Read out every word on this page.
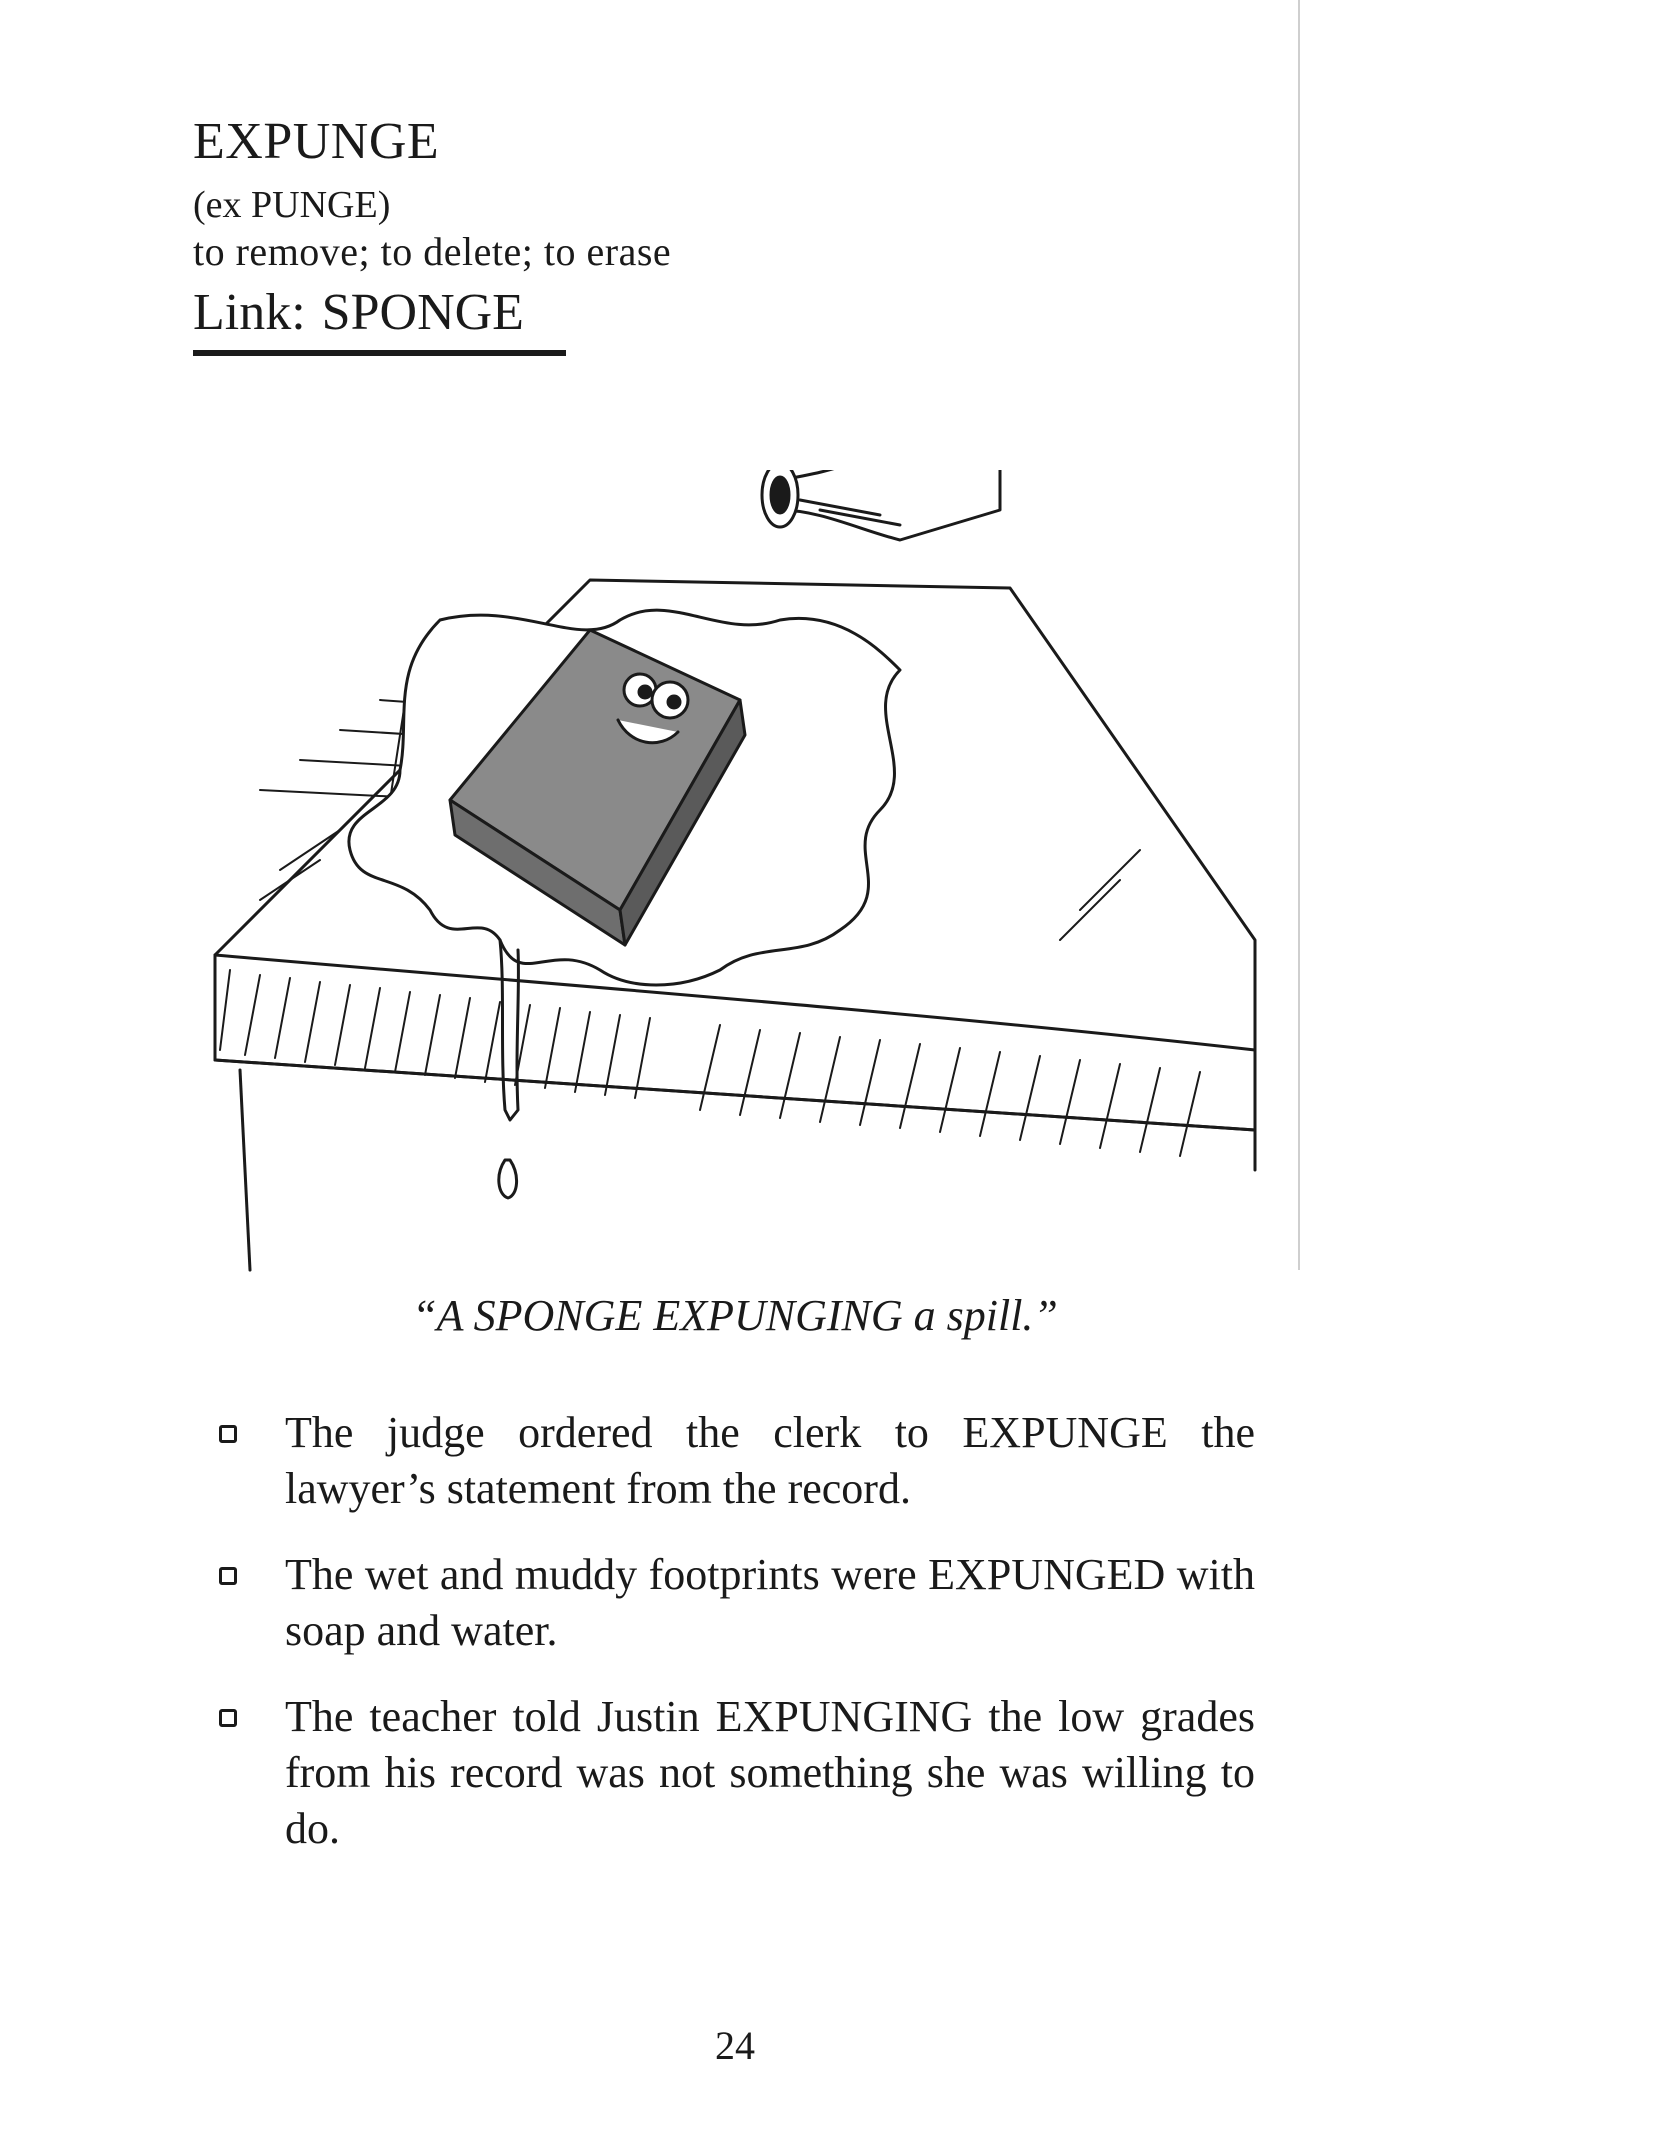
EXPUNGE
(ex PUNGE)
to remove; to delete; to erase
Link: SPONGE
“A SPONGE EXPUNGING a spill.”
The judge ordered the clerk to EXPUNGE the lawyer’s statement from the record.
The wet and muddy footprints were EXPUNGED with soap and water.
The teacher told Justin EXPUNGING the low grades from his record was not something she was willing to do.
24
